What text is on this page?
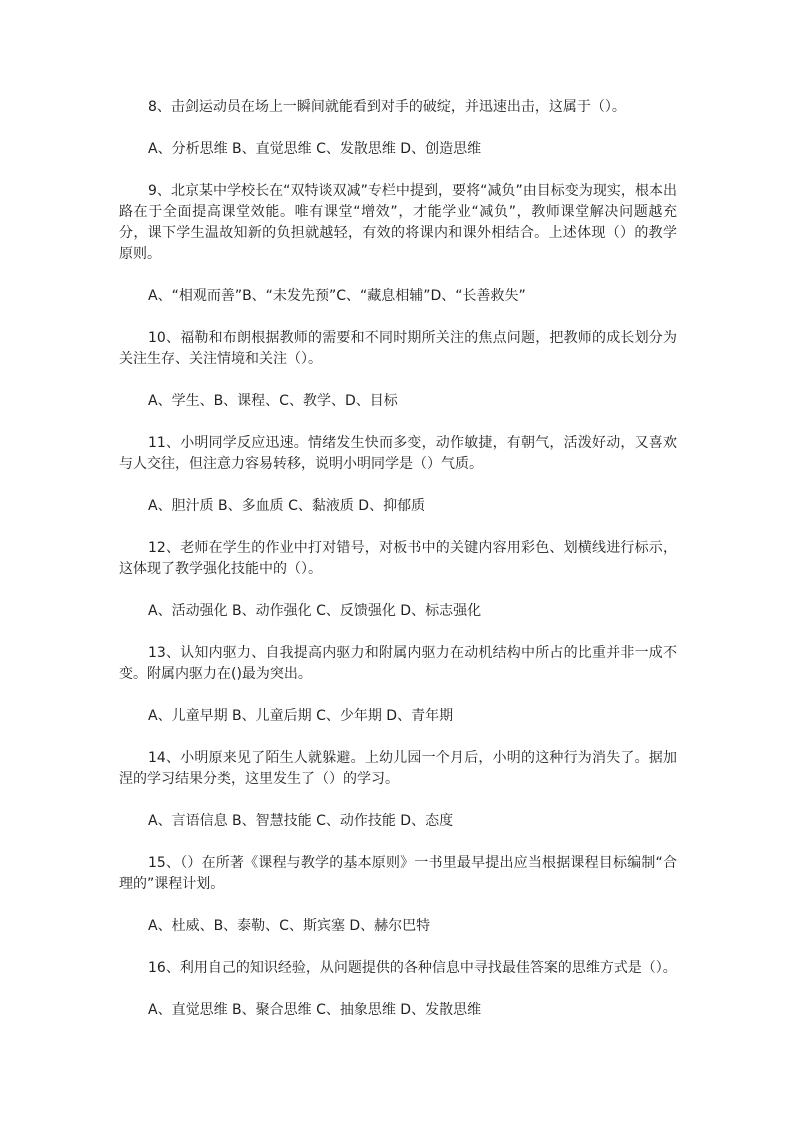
8、击剑运动员在场上一瞬间就能看到对手的破绽，并迅速出击，这属于（）。

A、分析思维 B、直觉思维 C、发散思维 D、创造思维

9、北京某中学校长在“双特谈双减”专栏中提到，要将“减负”由目标变为现实，根本出路在于全面提高课堂效能。唯有课堂“增效”，才能学业“减负”，教师课堂解决问题越充分，课下学生温故知新的负担就越轻，有效的将课内和课外相结合。上述体现（）的教学原则。

A、“相观而善”B、“未发先预”C、“藏息相辅”D、“长善救失”

10、福勒和布朗根据教师的需要和不同时期所关注的焦点问题，把教师的成长划分为关注生存、关注情境和关注（）。

A、学生、B、课程、C、教学、D、目标

11、小明同学反应迅速。情绪发生快而多变，动作敏捷，有朝气，活泼好动，又喜欢与人交往，但注意力容易转移，说明小明同学是（）气质。

A、胆汁质 B、多血质 C、黏液质 D、抑郁质

12、老师在学生的作业中打对错号，对板书中的关键内容用彩色、划横线进行标示，这体现了教学强化技能中的（）。

A、活动强化 B、动作强化 C、反馈强化 D、标志强化

13、认知内驱力、自我提高内驱力和附属内驱力在动机结构中所占的比重并非一成不变。附属内驱力在()最为突出。

A、儿童早期 B、儿童后期 C、少年期 D、青年期

14、小明原来见了陌生人就躲避。上幼儿园一个月后，小明的这种行为消失了。据加涅的学习结果分类，这里发生了（）的学习。

A、言语信息 B、智慧技能 C、动作技能 D、态度

15、（）在所著《课程与教学的基本原则》一书里最早提出应当根据课程目标编制“合理的”课程计划。

A、杜威、B、泰勒、C、斯宾塞 D、赫尔巴特

16、利用自己的知识经验，从问题提供的各种信息中寻找最佳答案的思维方式是（）。

A、直觉思维 B、聚合思维 C、抽象思维 D、发散思维
